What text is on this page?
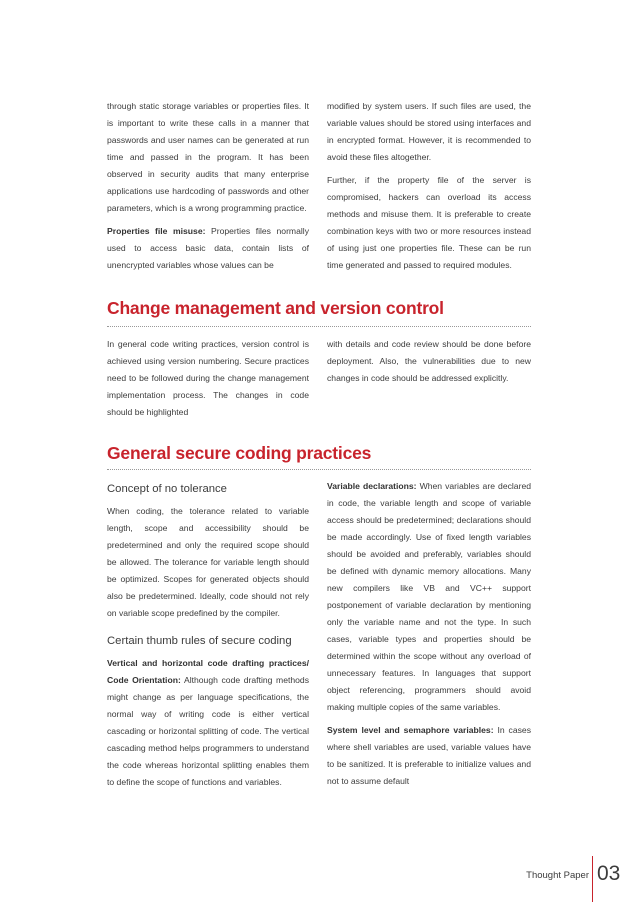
through static storage variables or properties files. It is important to write these calls in a manner that passwords and user names can be generated at run time and passed in the program. It has been observed in security audits that many enterprise applications use hardcoding of passwords and other parameters, which is a wrong programming practice.

Properties file misuse: Properties files normally used to access basic data, contain lists of unencrypted variables whose values can be

modified by system users. If such files are used, the variable values should be stored using interfaces and in encrypted format. However, it is recommended to avoid these files altogether.

Further, if the property file of the server is compromised, hackers can overload its access methods and misuse them. It is preferable to create combination keys with two or more resources instead of using just one properties file. These can be run time generated and passed to required modules.

Change management and version control

In general code writing practices, version control is achieved using version numbering. Secure practices need to be followed during the change management implementation process. The changes in code should be highlighted

with details and code review should be done before deployment. Also, the vulnerabilities due to new changes in code should be addressed explicitly.

General secure coding practices
Concept of no tolerance

When coding, the tolerance related to variable length, scope and accessibility should be predetermined and only the required scope should be allowed. The tolerance for variable length should be optimized. Scopes for generated objects should also be predetermined. Ideally, code should not rely on variable scope predefined by the compiler.

Certain thumb rules of secure coding

Vertical and horizontal code drafting practices/ Code Orientation: Although code drafting methods might change as per language specifications, the normal way of writing code is either vertical cascading or horizontal splitting of code. The vertical cascading method helps programmers to understand the code whereas horizontal splitting enables them to define the scope of functions and variables.

Variable declarations: When variables are declared in code, the variable length and scope of variable access should be predetermined; declarations should be made accordingly. Use of fixed length variables should be avoided and preferably, variables should be defined with dynamic memory allocations. Many new compilers like VB and VC++ support postponement of variable declaration by mentioning only the variable name and not the type. In such cases, variable types and properties should be determined within the scope without any overload of unnecessary features. In languages that support object referencing, programmers should avoid making multiple copies of the same variables.

System level and semaphore variables: In cases where shell variables are used, variable values have to be sanitized. It is preferable to initialize values and not to assume default

Thought Paper 03
